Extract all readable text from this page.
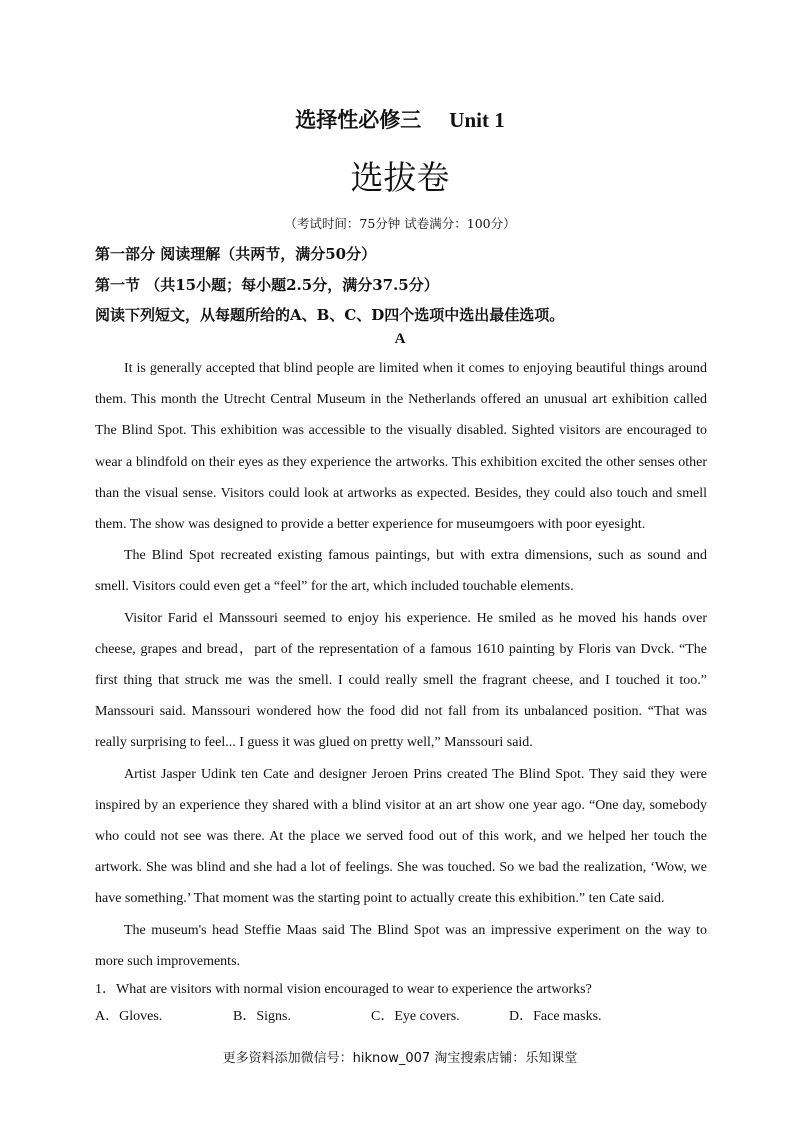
选择性必修三 Unit 1
选拔卷
（考试时间：75分钟 试卷满分：100分）
第一部分 阅读理解（共两节，满分50分）
第一节 （共15小题；每小题2.5分，满分37.5分）
阅读下列短文，从每题所给的A、B、C、D四个选项中选出最佳选项。
A

It is generally accepted that blind people are limited when it comes to enjoying beautiful things around them. This month the Utrecht Central Museum in the Netherlands offered an unusual art exhibition called The Blind Spot. This exhibition was accessible to the visually disabled. Sighted visitors are encouraged to wear a blindfold on their eyes as they experience the artworks. This exhibition excited the other senses other than the visual sense. Visitors could look at artworks as expected. Besides, they could also touch and smell them. The show was designed to provide a better experience for museumgoers with poor eyesight.

The Blind Spot recreated existing famous paintings, but with extra dimensions, such as sound and smell. Visitors could even get a “feel” for the art, which included touchable elements.

Visitor Farid el Manssouri seemed to enjoy his experience. He smiled as he moved his hands over cheese, grapes and bread，part of the representation of a famous 1610 painting by Floris van Dvck. “The first thing that struck me was the smell. I could really smell the fragrant cheese, and I touched it too.” Manssouri said. Manssouri wondered how the food did not fall from its unbalanced position. “That was really surprising to feel... I guess it was glued on pretty well,” Manssouri said.

Artist Jasper Udink ten Cate and designer Jeroen Prins created The Blind Spot. They said they were inspired by an experience they shared with a blind visitor at an art show one year ago. “One day, somebody who could not see was there. At the place we served food out of this work, and we helped her touch the artwork. She was blind and she had a lot of feelings. She was touched. So we bad the realization, ‘Wow, we have something.’ That moment was the starting point to actually create this exhibition.” ten Cate said.

The museum's head Steffie Maas said The Blind Spot was an impressive experiment on the way to more such improvements.

1．What are visitors with normal vision encouraged to wear to experience the artworks?
A．Gloves.	B．Signs.	C．Eye covers.	D．Face masks.
更多资料添加微信号：hiknow_007 淘宝搜索店铺：乐知课堂
